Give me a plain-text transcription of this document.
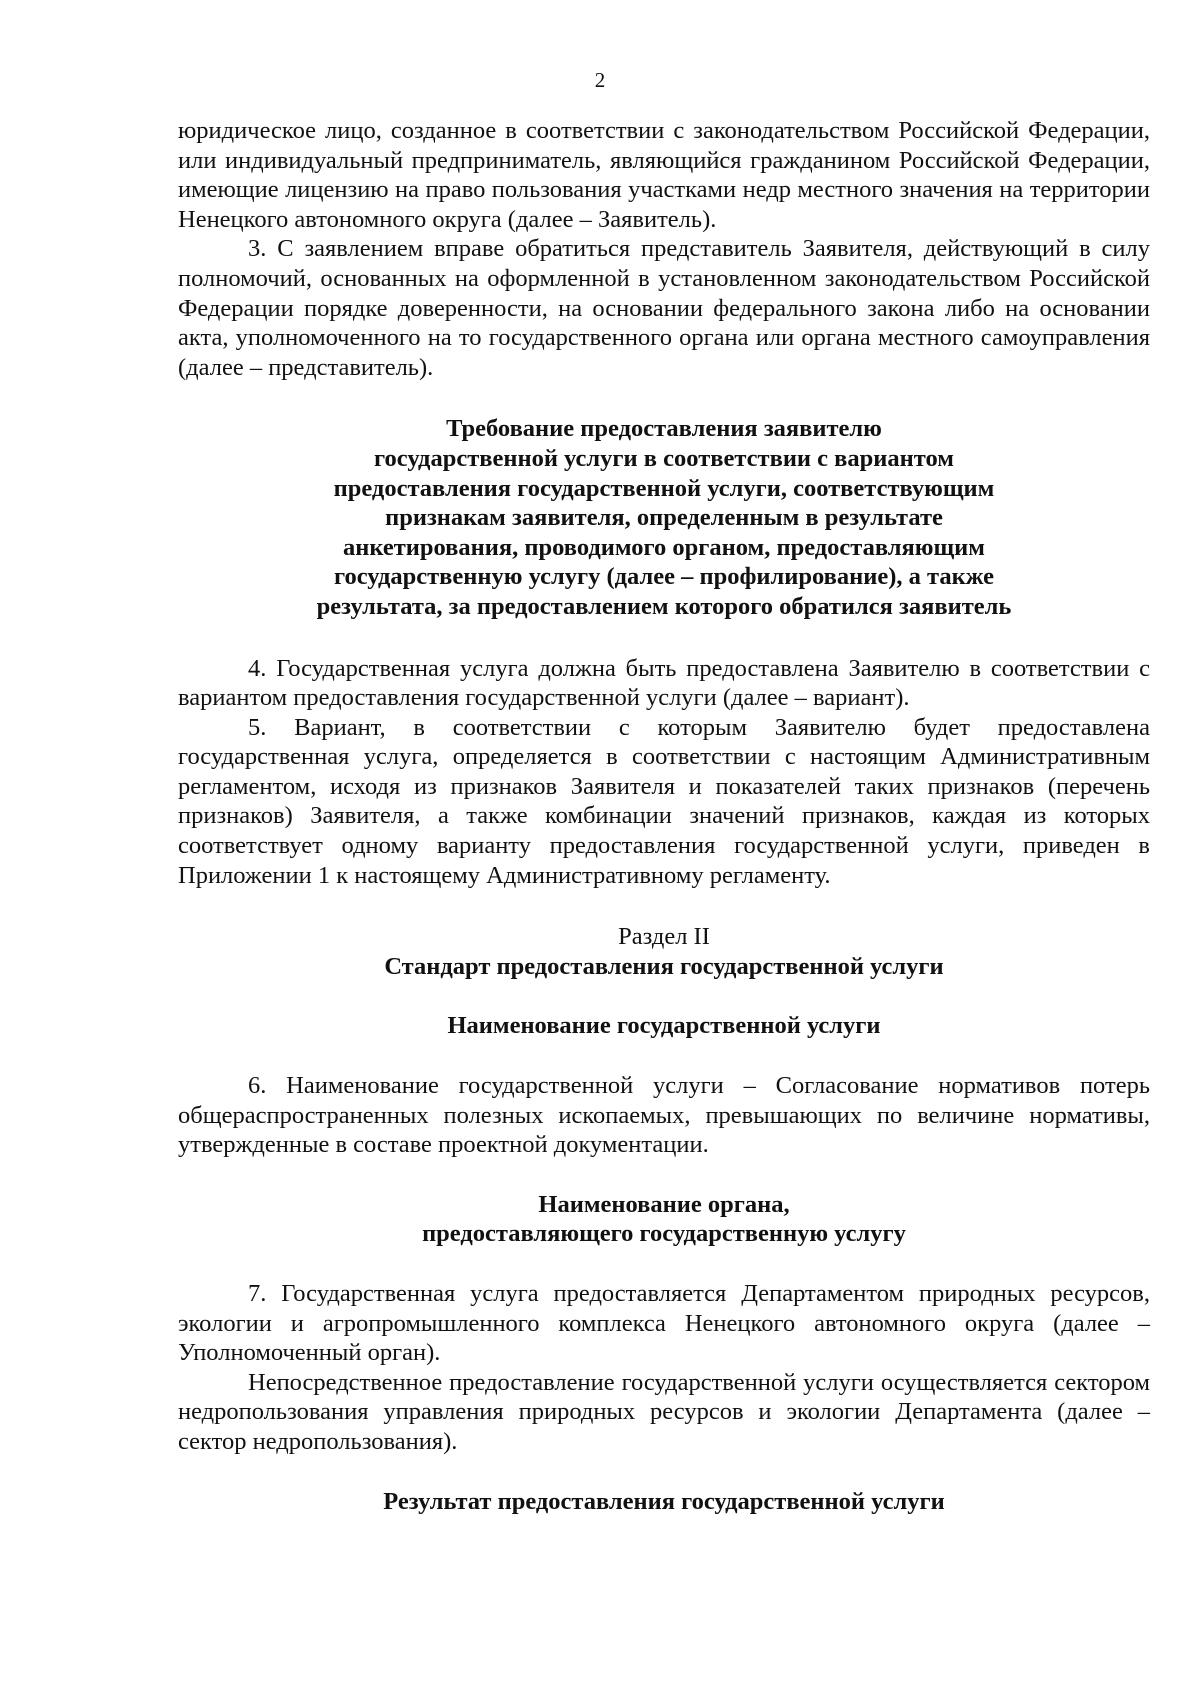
2

юридическое лицо, созданное в соответствии с законодательством Российской Федерации, или индивидуальный предприниматель, являющийся гражданином Российской Федерации, имеющие лицензию на право пользования участками недр местного значения на территории Ненецкого автономного округа (далее – Заявитель).

3. С заявлением вправе обратиться представитель Заявителя, действующий в силу полномочий, основанных на оформленной в установленном законодательством Российской Федерации порядке доверенности, на основании федерального закона либо на основании акта, уполномоченного на то государственного органа или органа местного самоуправления (далее – представитель).

Требование предоставления заявителю
государственной услуги в соответствии с вариантом
предоставления государственной услуги, соответствующим
признакам заявителя, определенным в результате
анкетирования, проводимого органом, предоставляющим
государственную услугу (далее – профилирование), а также
результата, за предоставлением которого обратился заявитель

4. Государственная услуга должна быть предоставлена Заявителю в соответствии с вариантом предоставления государственной услуги (далее – вариант).

5. Вариант, в соответствии с которым Заявителю будет предоставлена государственная услуга, определяется в соответствии с настоящим Административным регламентом, исходя из признаков Заявителя и показателей таких признаков (перечень признаков) Заявителя, а также комбинации значений признаков, каждая из которых соответствует одному варианту предоставления государственной услуги, приведен в Приложении 1 к настоящему Административному регламенту.

Раздел II
Стандарт предоставления государственной услуги
Наименование государственной услуги

6. Наименование государственной услуги – Согласование нормативов потерь общераспространенных полезных ископаемых, превышающих по величине нормативы, утвержденные в составе проектной документации.

Наименование органа,
предоставляющего государственную услугу

7. Государственная услуга предоставляется Департаментом природных ресурсов, экологии и агропромышленного комплекса Ненецкого автономного округа (далее – Уполномоченный орган).

Непосредственное предоставление государственной услуги осуществляется сектором недропользования управления природных ресурсов и экологии Департамента (далее – сектор недропользования).

Результат предоставления государственной услуги
